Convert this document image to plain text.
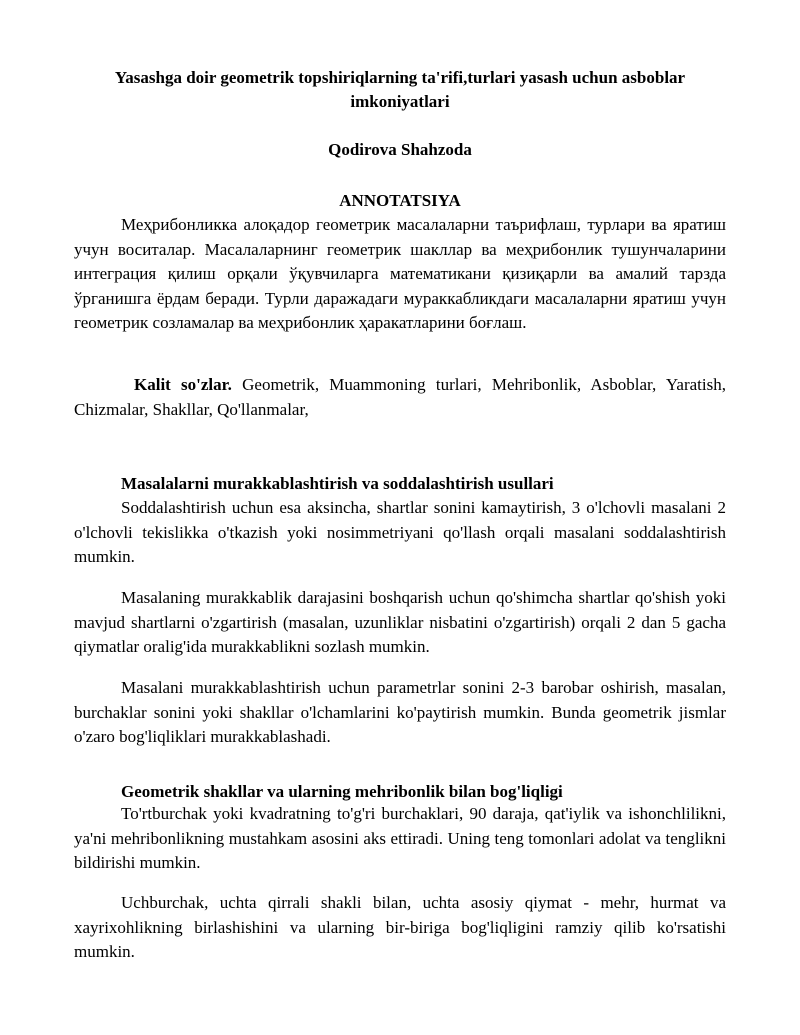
Yasashga doir geometrik topshiriqlarning ta'rifi,turlari yasash uchun asboblar imkoniyatlari
Qodirova Shahzoda
ANNOTATSIYA

Меҳрибонликка алоқадор геометрик масалаларни таърифлаш, турлари ва яратиш учун воситалар. Масалаларнинг геометрик шакллар ва меҳрибонлик тушунчаларини интеграция қилиш орқали ўқувчиларга математикани қизиқарли ва амалий тарзда ўрганишга ёрдам беради. Турли даражадаги мураккабликдаги масалаларни яратиш учун геометрик созламалар ва меҳрибонлик ҳаракатларини боғлаш.

Kalit so'zlar. Geometrik, Muammoning turlari, Mehribonlik, Asboblar, Yaratish, Chizmalar, Shakllar, Qo'llanmalar,

Masalalarni murakkablashtirish va soddalashtirish usullari

Soddalashtirish uchun esa aksincha, shartlar sonini kamaytirish, 3 o'lchovli masalani 2 o'lchovli tekislikka o'tkazish yoki nosimmetriyani qo'llash orqali masalani soddalashtirish mumkin.

Masalaning murakkablik darajasini boshqarish uchun qo'shimcha shartlar qo'shish yoki mavjud shartlarni o'zgartirish (masalan, uzunliklar nisbatini o'zgartirish) orqali 2 dan 5 gacha qiymatlar oralig'ida murakkablikni sozlash mumkin.

Masalani murakkablashtirish uchun parametrlar sonini 2-3 barobar oshirish, masalan, burchaklar sonini yoki shakllar o'lchamlarini ko'paytirish mumkin. Bunda geometrik jismlar o'zaro bog'liqliklari murakkablashadi.

Geometrik shakllar va ularning mehribonlik bilan bog'liqligi

To'rtburchak yoki kvadratning to'g'ri burchaklari, 90 daraja, qat'iylik va ishonchlilikni, ya'ni mehribonlikning mustahkam asosini aks ettiradi. Uning teng tomonlari adolat va tenglikni bildirishi mumkin.

Uchburchak, uchta qirrali shakli bilan, uchta asosiy qiymat - mehr, hurmat va xayrixohlikning birlashishini va ularning bir-biriga bog'liqligini ramziy qilib ko'rsatishi mumkin.
